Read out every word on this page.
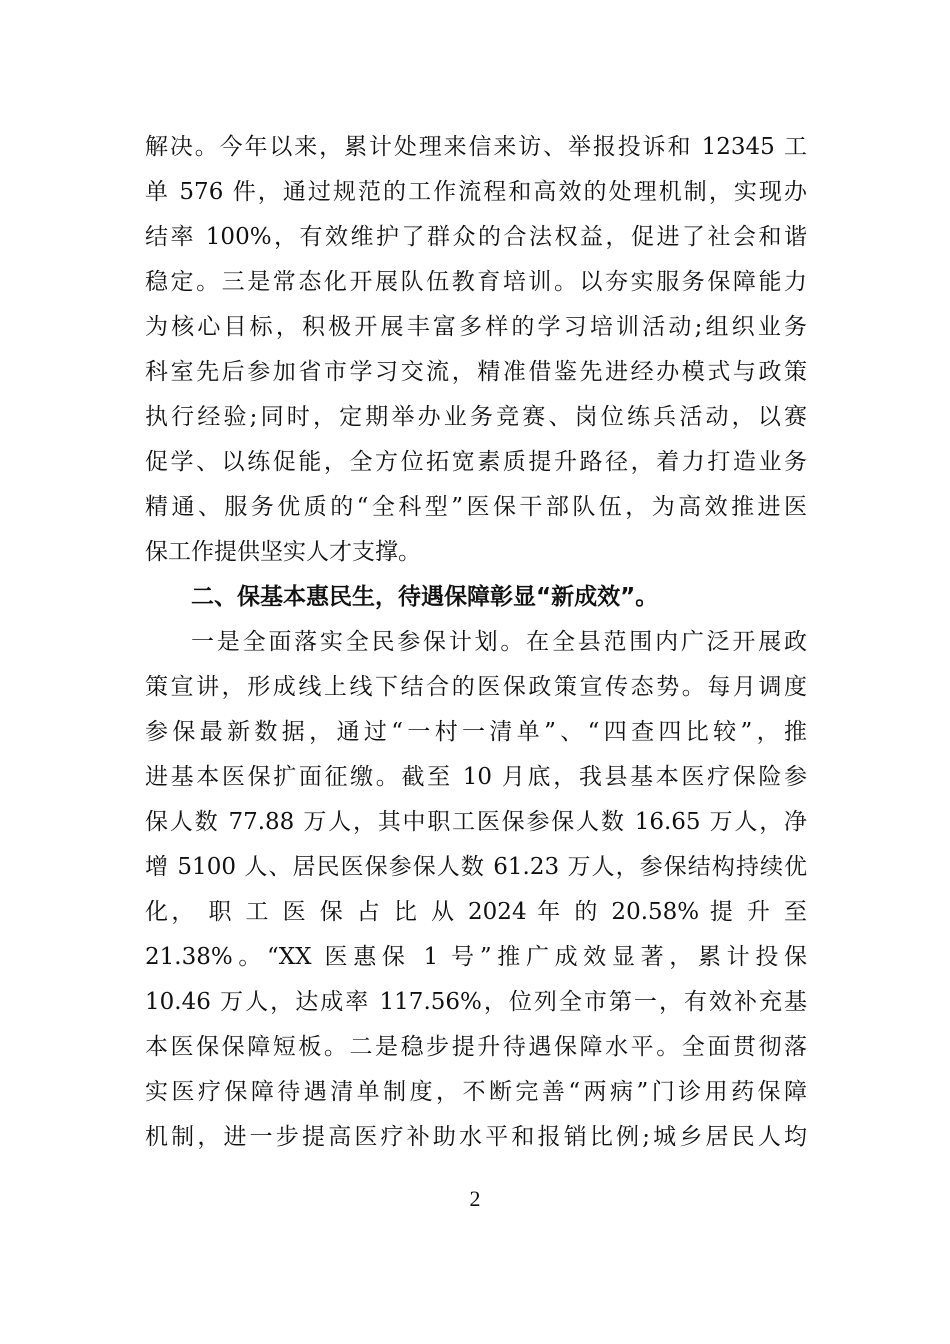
解决。今年以来，累计处理来信来访、举报投诉和 12345 工
单 576 件，通过规范的工作流程和高效的处理机制，实现办
结率 100%，有效维护了群众的合法权益，促进了社会和谐
稳定。三是常态化开展队伍教育培训。以夯实服务保障能力
为核心目标，积极开展丰富多样的学习培训活动;组织业务
科室先后参加省市学习交流，精准借鉴先进经办模式与政策
执行经验;同时，定期举办业务竞赛、岗位练兵活动，以赛
促学、以练促能，全方位拓宽素质提升路径，着力打造业务
精通、服务优质的“全科型”医保干部队伍，为高效推进医
保工作提供坚实人才支撑。
二、保基本惠民生，待遇保障彰显“新成效”。
一是全面落实全民参保计划。在全县范围内广泛开展政
策宣讲，形成线上线下结合的医保政策宣传态势。每月调度
参保最新数据，通过“一村一清单”、“四查四比较”，推
进基本医保扩面征缴。截至 10 月底，我县基本医疗保险参
保人数 77.88 万人，其中职工医保参保人数 16.65 万人，净
增 5100 人、居民医保参保人数 61.23 万人，参保结构持续优
化， 职 工 医 保 占 比 从 2024 年 的 20.58% 提 升 至
21.38%。“XX 医惠保 1 号”推广成效显著，累计投保
10.46 万人，达成率 117.56%，位列全市第一，有效补充基
本医保保障短板。二是稳步提升待遇保障水平。全面贯彻落
实医疗保障待遇清单制度，不断完善“两病”门诊用药保障
机制，进一步提高医疗补助水平和报销比例;城乡居民人均
2
